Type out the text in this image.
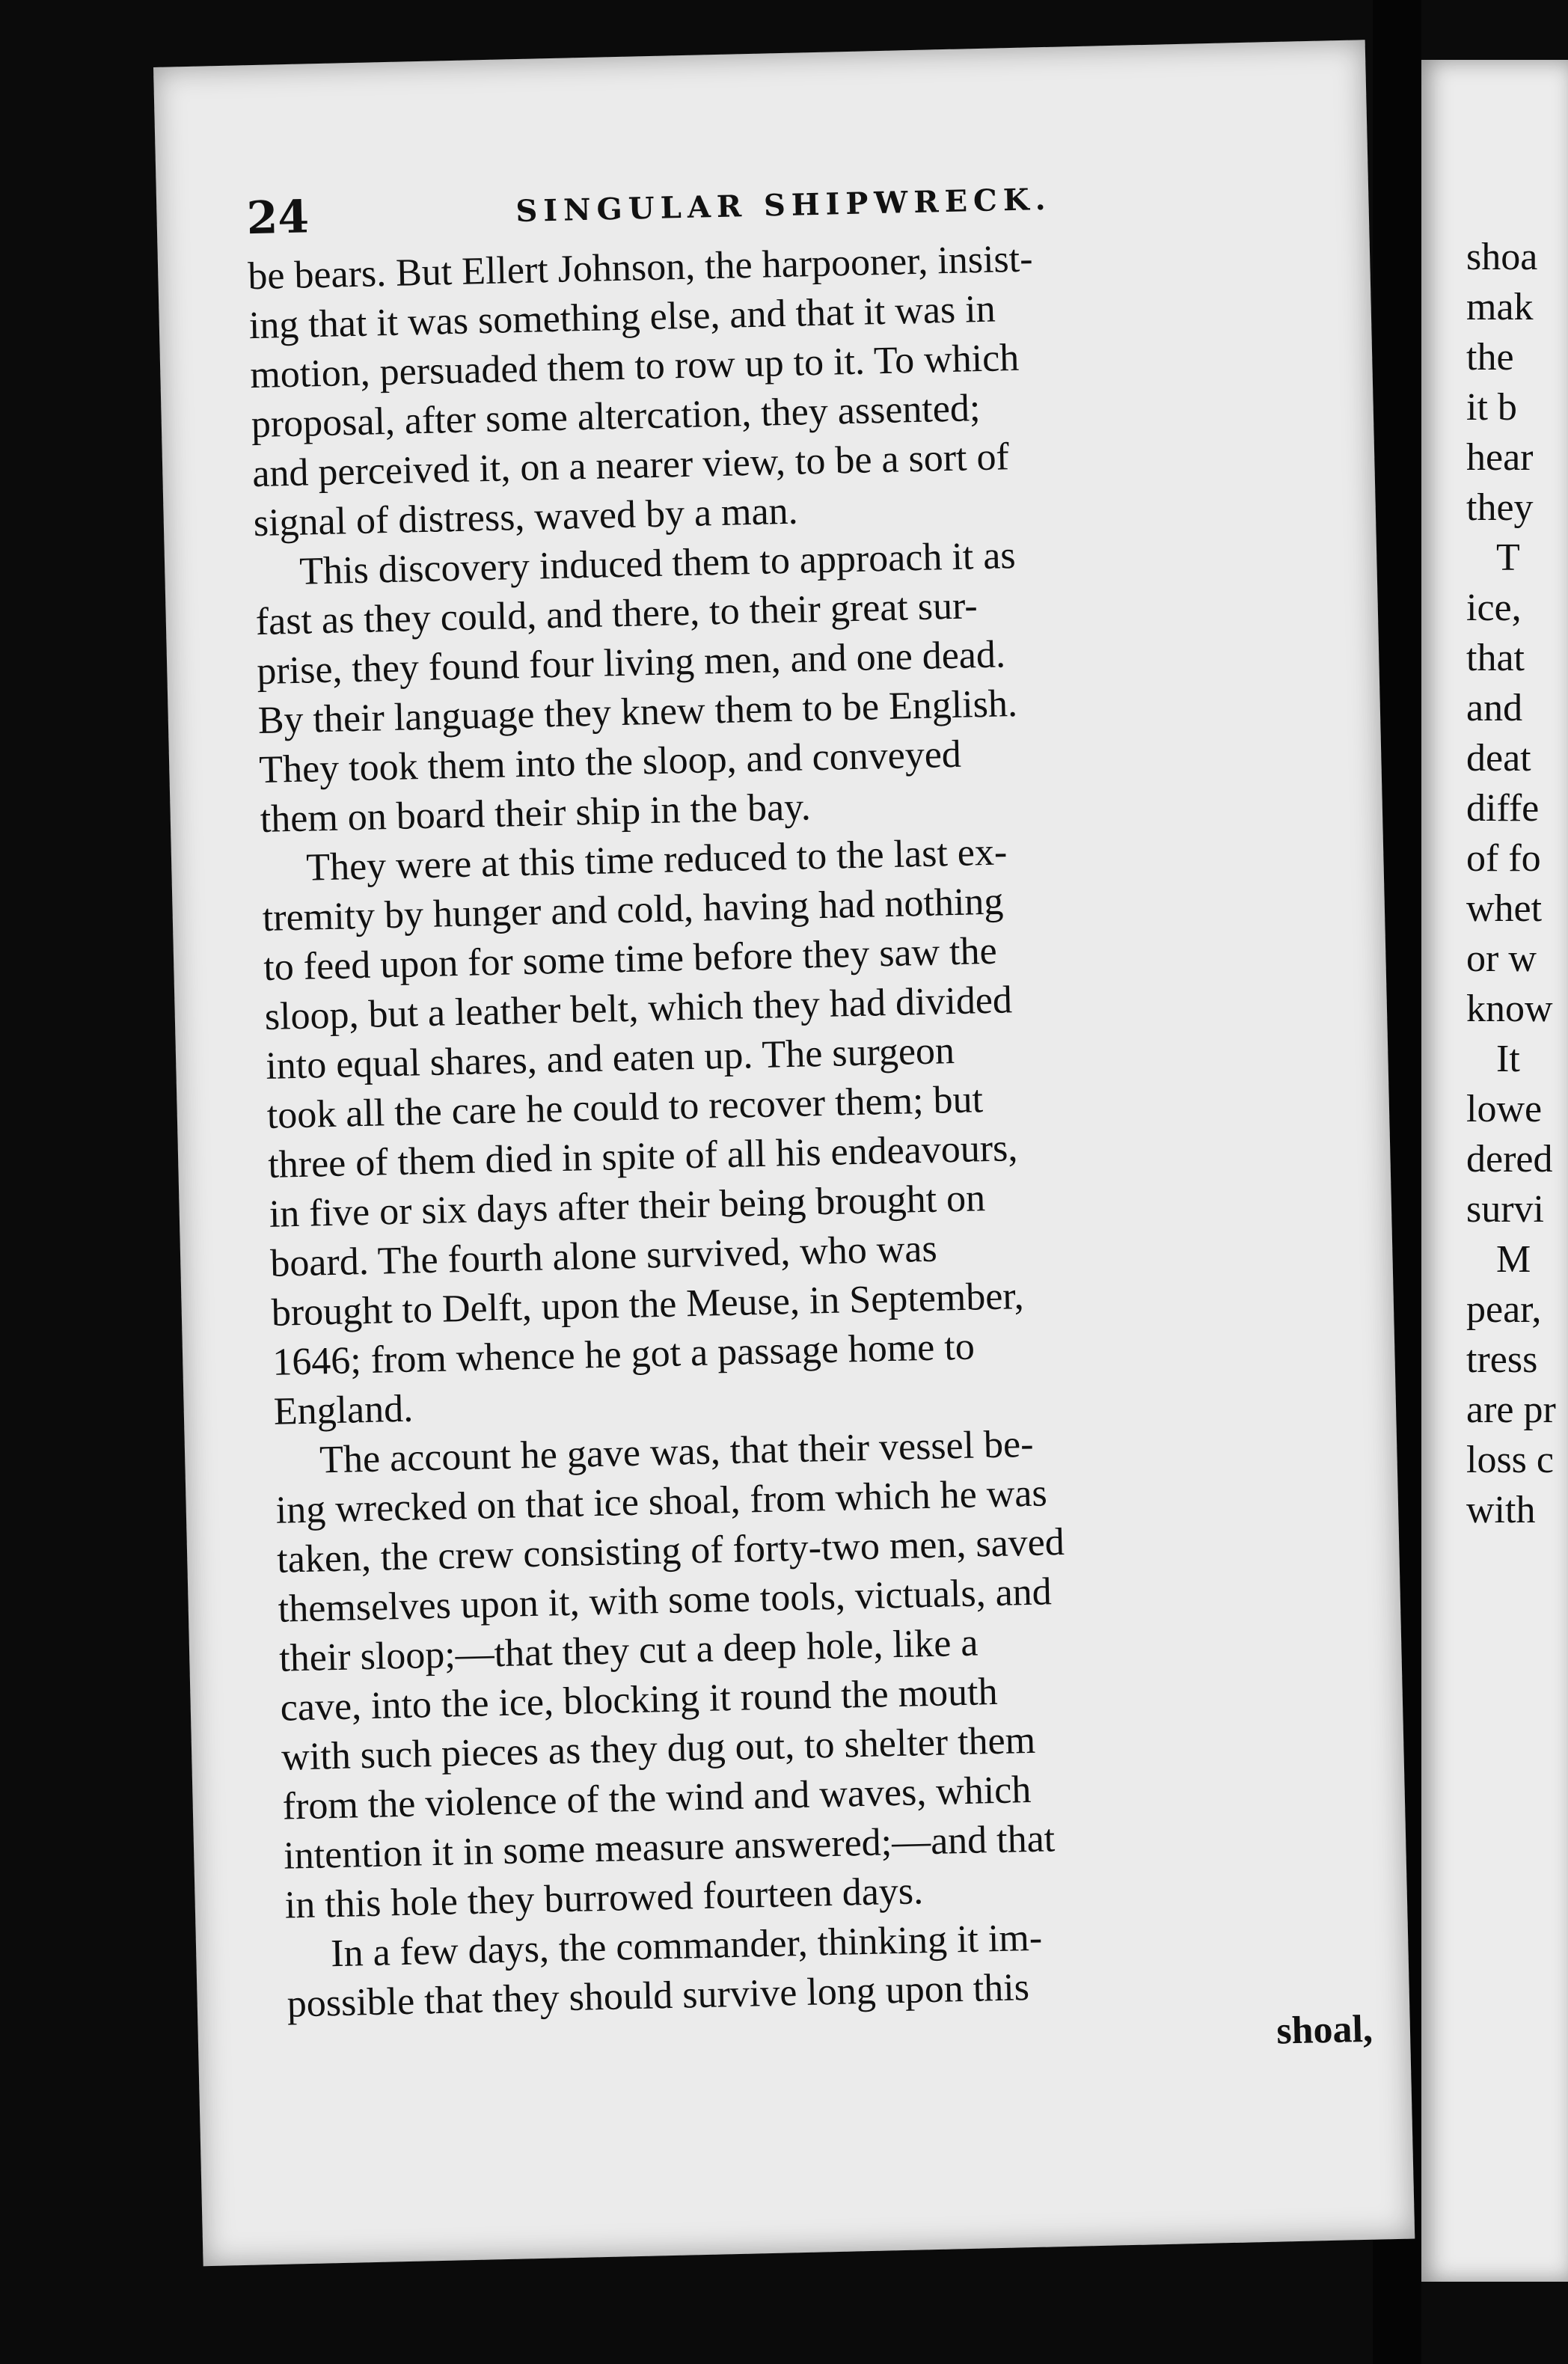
shoa
mak
the
it b
hear
they
T
ice,
that
and
deat
diffe
of fo
whet
or w
know
It
lowe
dered
survi
M
pear,
tress
are pr
loss c
with
24	SINGULAR SHIPWRECK.
be bears. But Ellert Johnson, the harpooner, insist-
ing that it was something else, and that it was in
motion, persuaded them to row up to it. To which
proposal, after some altercation, they assented;
and perceived it, on a nearer view, to be a sort of
signal of distress, waved by a man.
This discovery induced them to approach it as
fast as they could, and there, to their great sur-
prise, they found four living men, and one dead.
By their language they knew them to be English.
They took them into the sloop, and conveyed
them on board their ship in the bay.
They were at this time reduced to the last ex-
tremity by hunger and cold, having had nothing
to feed upon for some time before they saw the
sloop, but a leather belt, which they had divided
into equal shares, and eaten up. The surgeon
took all the care he could to recover them; but
three of them died in spite of all his endeavours,
in five or six days after their being brought on
board. The fourth alone survived, who was
brought to Delft, upon the Meuse, in September,
1646; from whence he got a passage home to
England.
The account he gave was, that their vessel be-
ing wrecked on that ice shoal, from which he was
taken, the crew consisting of forty-two men, saved
themselves upon it, with some tools, victuals, and
their sloop;—that they cut a deep hole, like a
cave, into the ice, blocking it round the mouth
with such pieces as they dug out, to shelter them
from the violence of the wind and waves, which
intention it in some measure answered;—and that
in this hole they burrowed fourteen days.
In a few days, the commander, thinking it im-
possible that they should survive long upon this
shoal,
